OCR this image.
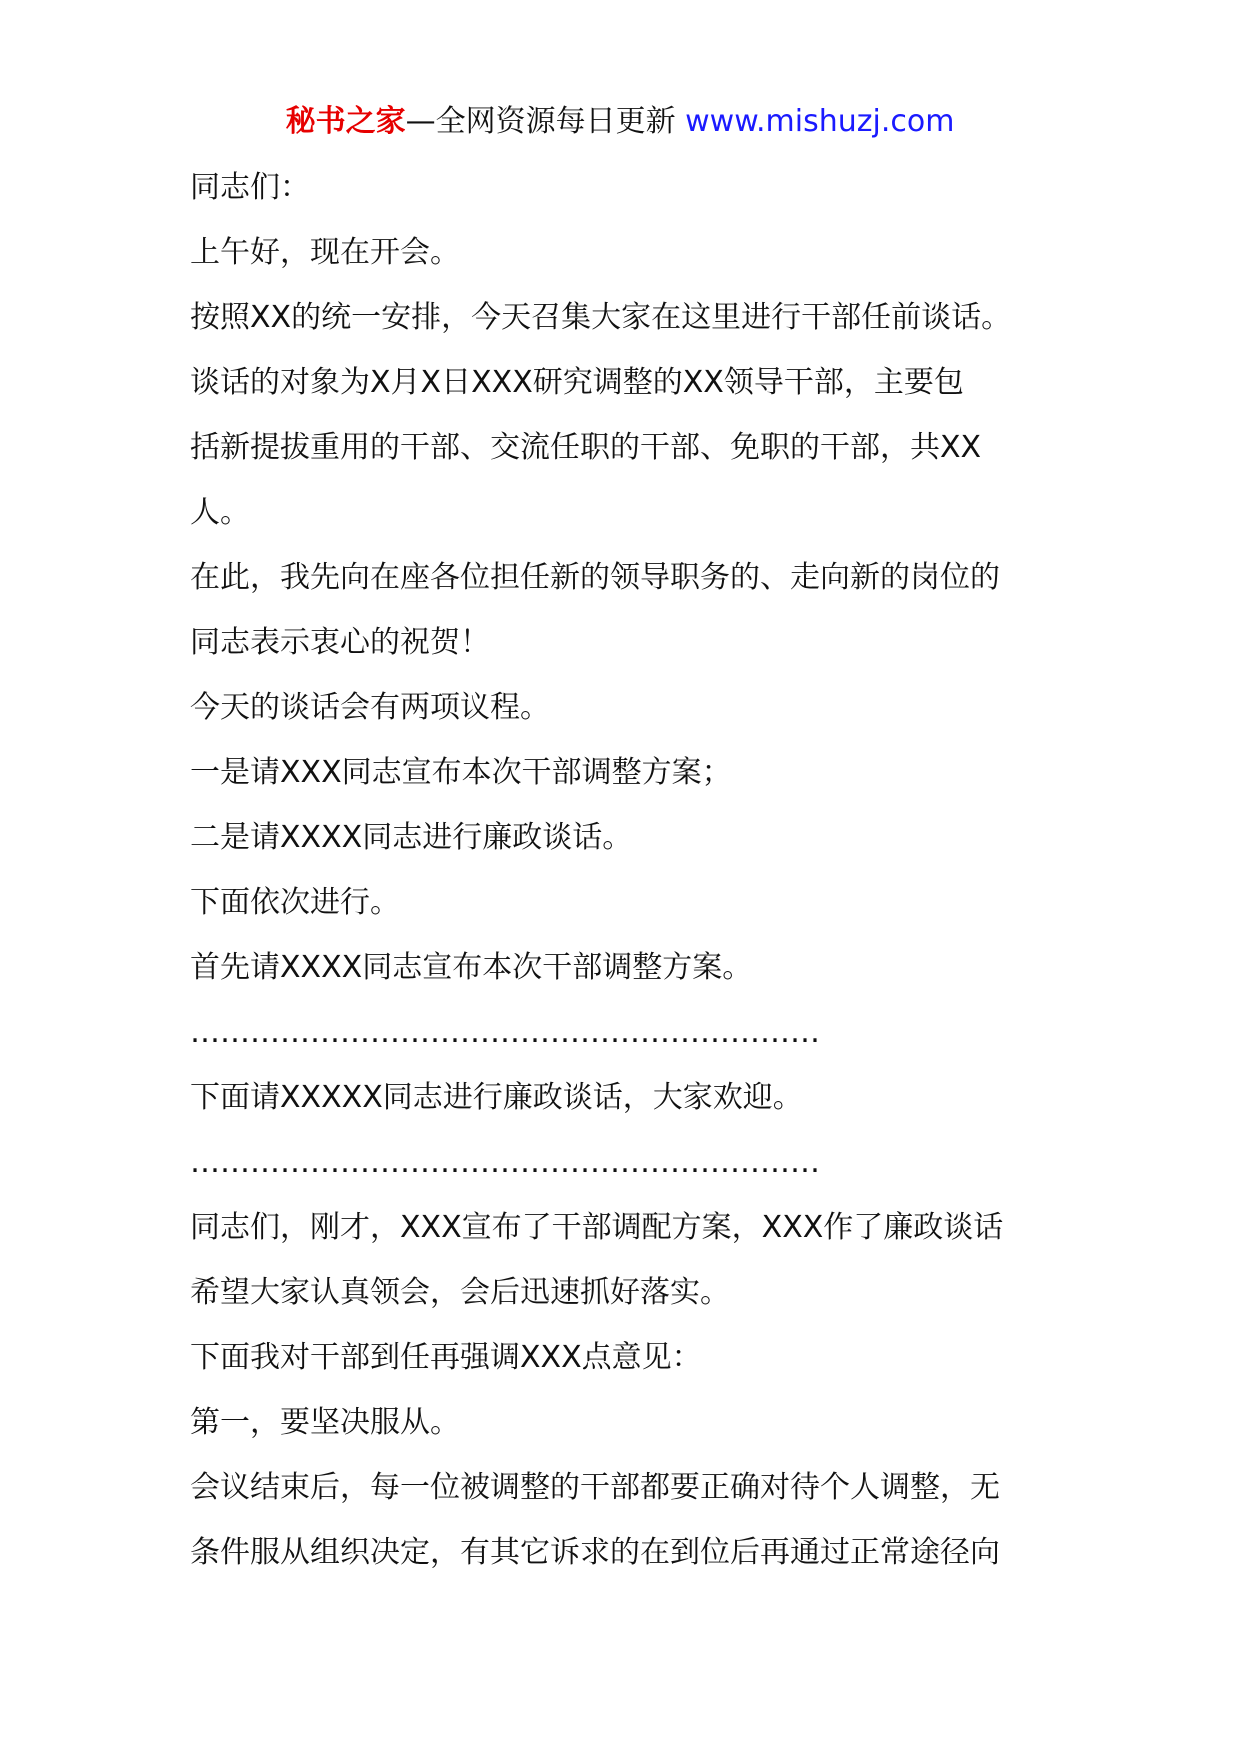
秘书之家—全网资源每日更新 www.mishuzj.com
同志们：
上午好，现在开会。
按照XX的统一安排，今天召集大家在这里进行干部任前谈话。
谈话的对象为X月X日XXX研究调整的XX领导干部，主要包
括新提拔重用的干部、交流任职的干部、免职的干部，共XX
人。
在此，我先向在座各位担任新的领导职务的、走向新的岗位的
同志表示衷心的祝贺！
今天的谈话会有两项议程。
一是请XXX同志宣布本次干部调整方案；
二是请XXXX同志进行廉政谈话。
下面依次进行。
首先请XXXX同志宣布本次干部调整方案。
………………………………………………………
下面请XXXXX同志进行廉政谈话，大家欢迎。
………………………………………………………
同志们，刚才，XXX宣布了干部调配方案，XXX作了廉政谈话
希望大家认真领会，会后迅速抓好落实。
下面我对干部到任再强调XXX点意见：
第一，要坚决服从。
会议结束后，每一位被调整的干部都要正确对待个人调整，无
条件服从组织决定，有其它诉求的在到位后再通过正常途径向
